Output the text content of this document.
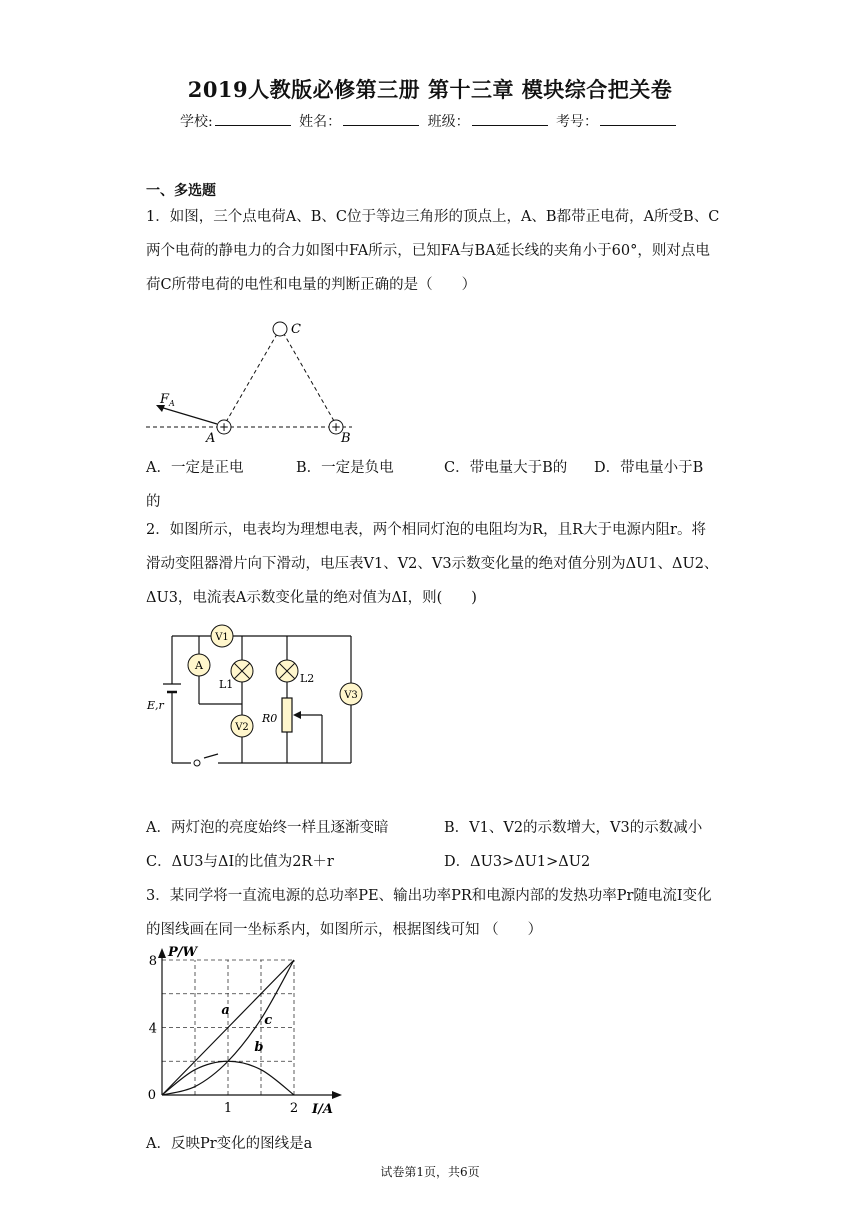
2019人教版必修第三册 第十三章 模块综合把关卷
学校:	姓名：	班级：	考号：
一、多选题
1．如图，三个点电荷A、B、C位于等边三角形的顶点上，A、B都带正电荷，A所受B、C两个电荷的静电力的合力如图中FA所示，已知FA与BA延长线的夹角小于60°，则对点电荷C所带电荷的电性和电量的判断正确的是（　　）
C
+	+
A	B
$F_A$
A．一定是正电	B．一定是负电	C．带电量大于B的 D．带电量小于B
的
2．如图所示，电表均为理想电表，两个相同灯泡的电阻均为R，且R大于电源内阻r。将滑动变阻器滑片向下滑动，电压表V1、V2、V3示数变化量的绝对值分别为ΔU1、ΔU2、ΔU3，电流表A示数变化量的绝对值为ΔI，则(　　)
V1
A
L1
V2
L2
R0
V3
E,r
A．两灯泡的亮度始终一样且逐渐变暗	B．V1、V2的示数增大，V3的示数减小
C．ΔU3与ΔI的比值为2R＋r	D．ΔU3>ΔU1>ΔU2
3．某同学将一直流电源的总功率PE、输出功率PR和电源内部的发热功率Pr随电流I变化的图线画在同一坐标系内，如图所示，根据图线可知 （　　）
a
b
c
4
8
0
1	2
P/W
I/A
A．反映Pr变化的图线是a
试卷第1页，共6页
